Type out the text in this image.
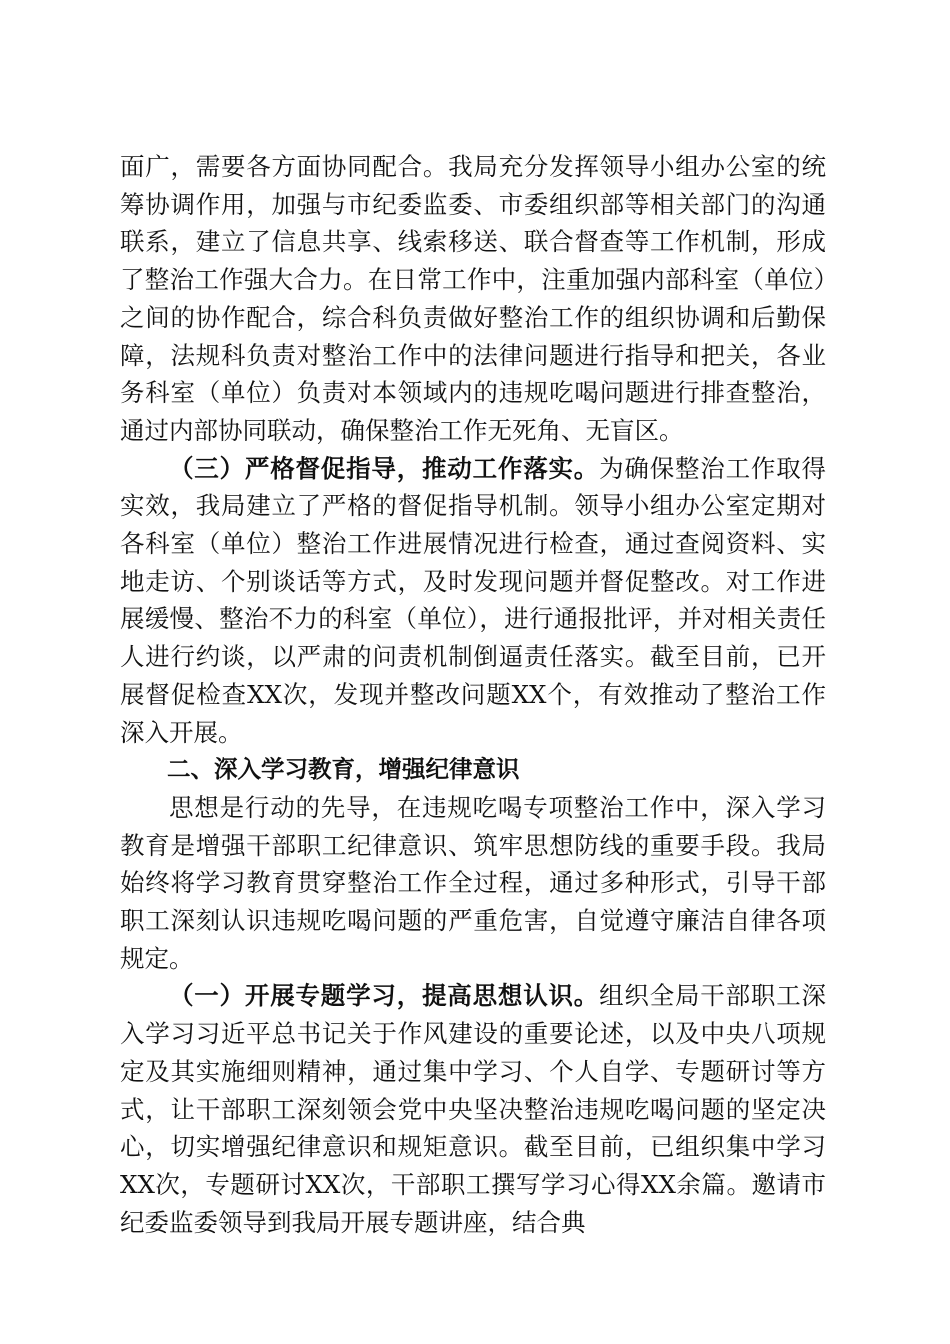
面广，需要各方面协同配合。我局充分发挥领导小组办公室的统筹协调作用，加强与市纪委监委、市委组织部等相关部门的沟通联系，建立了信息共享、线索移送、联合督查等工作机制，形成了整治工作强大合力。在日常工作中，注重加强内部科室（单位）之间的协作配合，综合科负责做好整治工作的组织协调和后勤保障，法规科负责对整治工作中的法律问题进行指导和把关，各业务科室（单位）负责对本领域内的违规吃喝问题进行排查整治，通过内部协同联动，确保整治工作无死角、无盲区。

（三）严格督促指导，推动工作落实。为确保整治工作取得实效，我局建立了严格的督促指导机制。领导小组办公室定期对各科室（单位）整治工作进展情况进行检查，通过查阅资料、实地走访、个别谈话等方式，及时发现问题并督促整改。对工作进展缓慢、整治不力的科室（单位），进行通报批评，并对相关责任人进行约谈，以严肃的问责机制倒逼责任落实。截至目前，已开展督促检查XX次，发现并整改问题XX个，有效推动了整治工作深入开展。

二、深入学习教育，增强纪律意识

思想是行动的先导，在违规吃喝专项整治工作中，深入学习教育是增强干部职工纪律意识、筑牢思想防线的重要手段。我局始终将学习教育贯穿整治工作全过程，通过多种形式，引导干部职工深刻认识违规吃喝问题的严重危害，自觉遵守廉洁自律各项规定。

（一）开展专题学习，提高思想认识。组织全局干部职工深入学习习近平总书记关于作风建设的重要论述，以及中央八项规定及其实施细则精神，通过集中学习、个人自学、专题研讨等方式，让干部职工深刻领会党中央坚决整治违规吃喝问题的坚定决心，切实增强纪律意识和规矩意识。截至目前，已组织集中学习XX次，专题研讨XX次，干部职工撰写学习心得XX余篇。邀请市纪委监委领导到我局开展专题讲座，结合典
